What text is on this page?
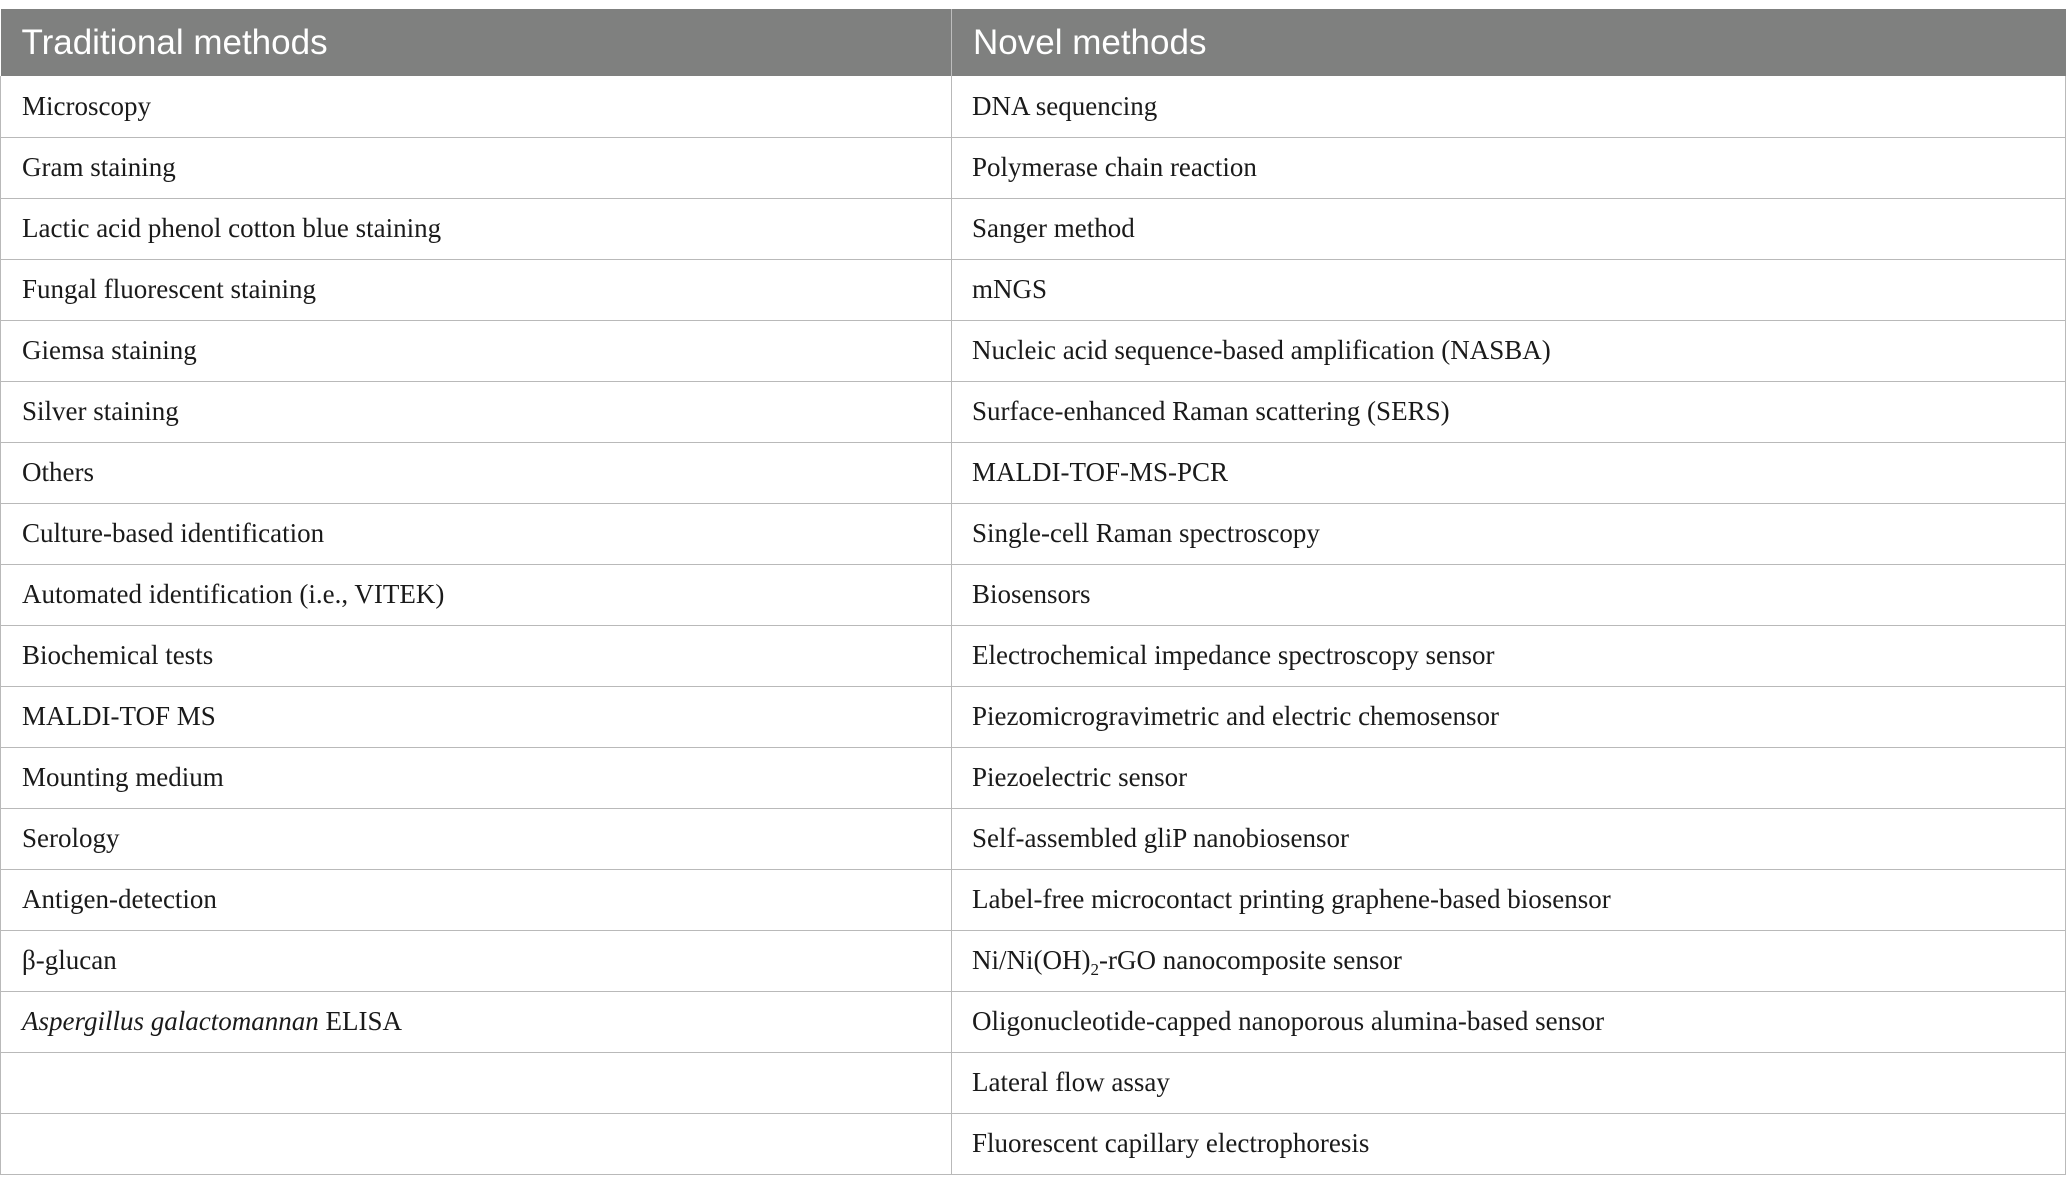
Traditional methods	Novel methods
Microscopy	DNA sequencing
Gram staining	Polymerase chain reaction
Lactic acid phenol cotton blue staining	Sanger method
Fungal fluorescent staining	mNGS
Giemsa staining	Nucleic acid sequence-based amplification (NASBA)
Silver staining	Surface-enhanced Raman scattering (SERS)
Others	MALDI-TOF-MS-PCR
Culture-based identification	Single-cell Raman spectroscopy
Automated identification (i.e., VITEK)	Biosensors
Biochemical tests	Electrochemical impedance spectroscopy sensor
MALDI-TOF MS	Piezomicrogravimetric and electric chemosensor
Mounting medium	Piezoelectric sensor
Serology	Self-assembled gliP nanobiosensor
Antigen-detection	Label-free microcontact printing graphene-based biosensor
β-glucan	$Ni/Ni(OH)_2$-rGO nanocomposite sensor
Aspergillus galactomannan ELISA	Oligonucleotide-capped nanoporous alumina-based sensor
	Lateral flow assay
	Fluorescent capillary electrophoresis
